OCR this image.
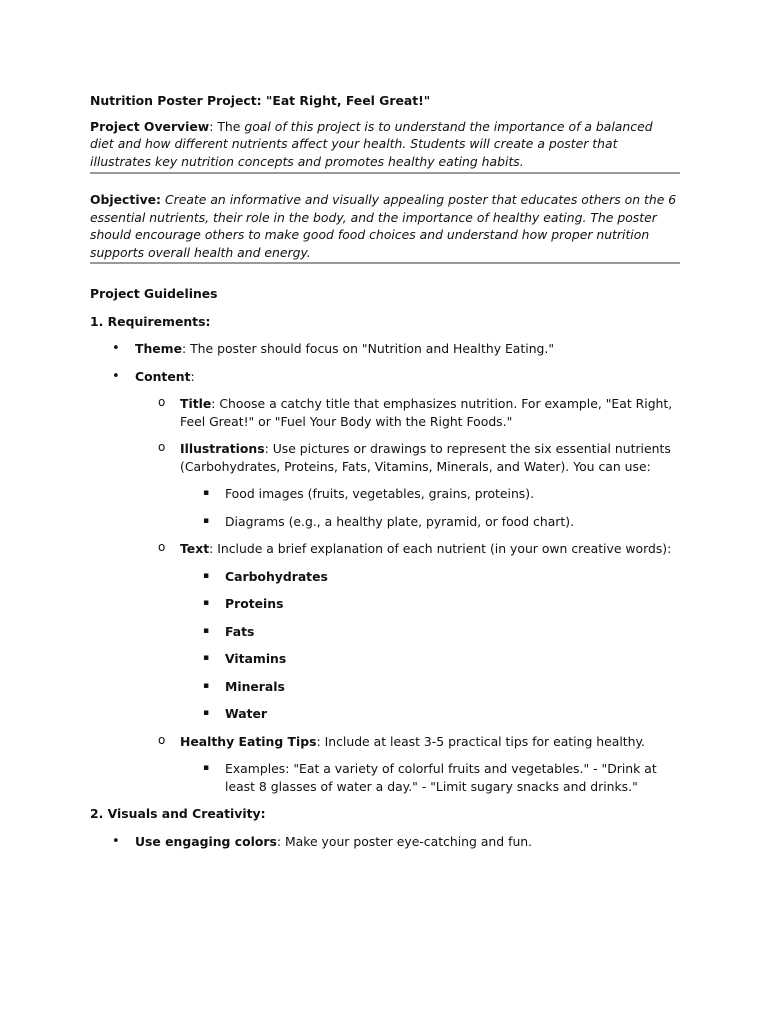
Nutrition Poster Project: "Eat Right, Feel Great!"

Project Overview: The goal of this project is to understand the importance of a balanced diet and how different nutrients affect your health. Students will create a poster that illustrates key nutrition concepts and promotes healthy eating habits.

Objective: Create an informative and visually appealing poster that educates others on the 6 essential nutrients, their role in the body, and the importance of healthy eating. The poster should encourage others to make good food choices and understand how proper nutrition supports overall health and energy.

Project Guidelines

1. Requirements:

• Theme: The poster should focus on "Nutrition and Healthy Eating."
• Content:
o Title: Choose a catchy title that emphasizes nutrition. For example, "Eat Right, Feel Great!" or "Fuel Your Body with the Right Foods."
o Illustrations: Use pictures or drawings to represent the six essential nutrients (Carbohydrates, Proteins, Fats, Vitamins, Minerals, and Water). You can use:
▪ Food images (fruits, vegetables, grains, proteins).
▪ Diagrams (e.g., a healthy plate, pyramid, or food chart).
o Text: Include a brief explanation of each nutrient (in your own creative words):
▪ Carbohydrates
▪ Proteins
▪ Fats
▪ Vitamins
▪ Minerals
▪ Water
o Healthy Eating Tips: Include at least 3-5 practical tips for eating healthy.
▪ Examples: "Eat a variety of colorful fruits and vegetables." - "Drink at least 8 glasses of water a day." - "Limit sugary snacks and drinks."

2. Visuals and Creativity:

• Use engaging colors: Make your poster eye-catching and fun.
